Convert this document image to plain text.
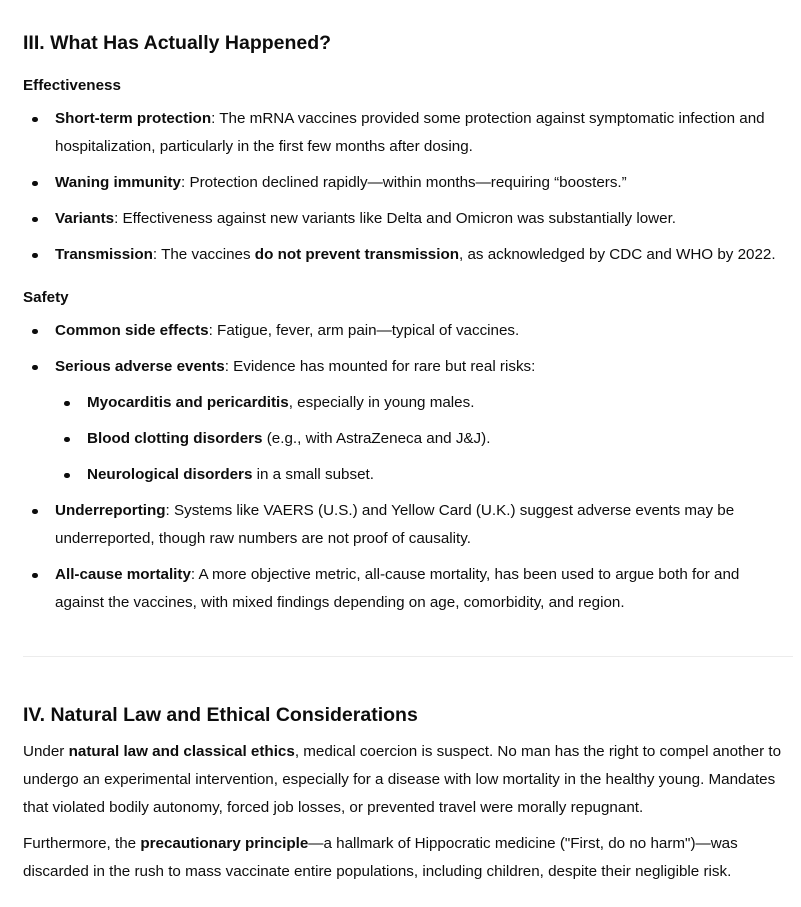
III. What Has Actually Happened?
Effectiveness
Short-term protection: The mRNA vaccines provided some protection against symptomatic infection and hospitalization, particularly in the first few months after dosing.
Waning immunity: Protection declined rapidly—within months—requiring “boosters.”
Variants: Effectiveness against new variants like Delta and Omicron was substantially lower.
Transmission: The vaccines do not prevent transmission, as acknowledged by CDC and WHO by 2022.
Safety
Common side effects: Fatigue, fever, arm pain—typical of vaccines.
Serious adverse events: Evidence has mounted for rare but real risks:
Myocarditis and pericarditis, especially in young males.
Blood clotting disorders (e.g., with AstraZeneca and J&J).
Neurological disorders in a small subset.
Underreporting: Systems like VAERS (U.S.) and Yellow Card (U.K.) suggest adverse events may be underreported, though raw numbers are not proof of causality.
All-cause mortality: A more objective metric, all-cause mortality, has been used to argue both for and against the vaccines, with mixed findings depending on age, comorbidity, and region.
IV. Natural Law and Ethical Considerations

Under natural law and classical ethics, medical coercion is suspect. No man has the right to compel another to undergo an experimental intervention, especially for a disease with low mortality in the healthy young. Mandates that violated bodily autonomy, forced job losses, or prevented travel were morally repugnant.

Furthermore, the precautionary principle—a hallmark of Hippocratic medicine ("First, do no harm")—was discarded in the rush to mass vaccinate entire populations, including children, despite their negligible risk.
